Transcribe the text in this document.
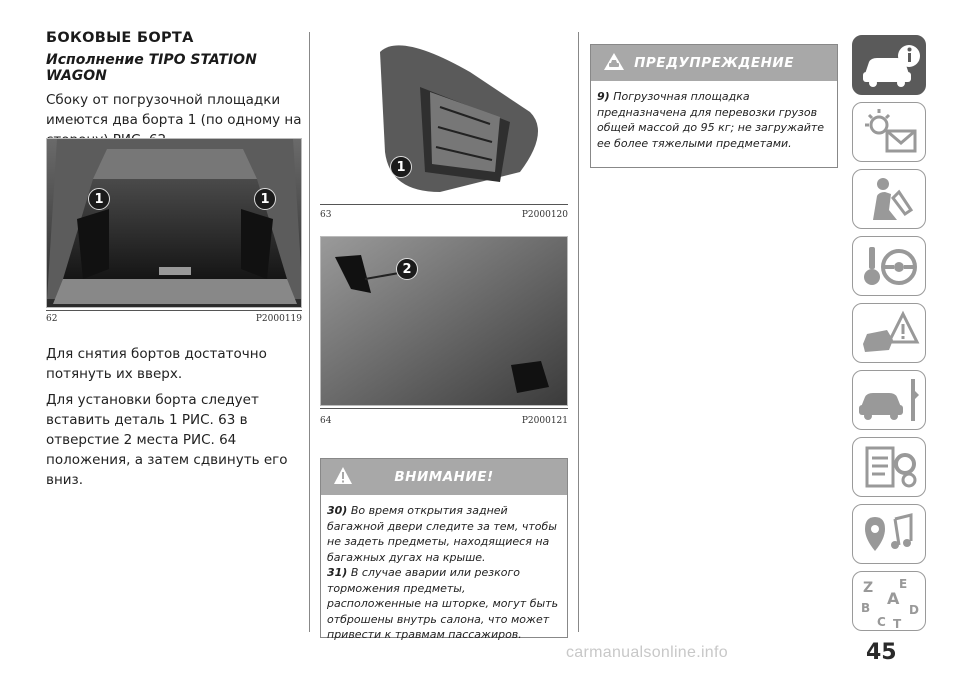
БОКОВЫЕ БОРТА
Исполнение TIPO STATION WAGON
Сбоку от погрузочной площадки имеются два борта 1 (по одному на
1	1
62	P2000119
Для снятия бортов достаточно потянуть их вверх.
Для установки борта следует вставить деталь 1 РИС. 63 в отверстие 2 места РИС. 64 положения, а затем сдвинуть его вниз.
1
63	P2000120
2
64	P2000121
ВНИМАНИЕ!
30) Во время открытия задней багажной двери следите за тем, чтобы не задеть предметы, находящиеся на багажных дугах на крыше.
31) В случае аварии или резкого торможения предметы, расположенные на шторке, могут быть отброшены внутрь салона, что может привести к травмам пассажиров.
ПРЕДУПРЕЖДЕНИЕ
9) Погрузочная площадка предназначена для перевозки грузов общей массой до 95 кг; не загружайте ее более тяжелыми предметами.
Z E
A
B	D
C T
45
carmanualsonline.info
